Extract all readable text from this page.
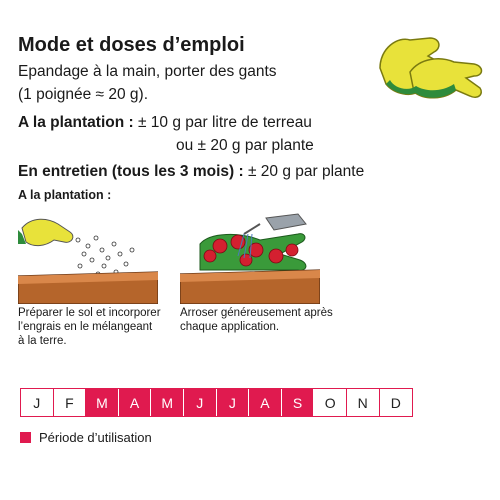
Mode et doses d’emploi
Epandage à la main, porter des gants
(1 poignée ≈ 20 g).
A la plantation : ± 10 g par litre de terreau
ou ± 20 g par plante
En entretien (tous les 3 mois) : ± 20 g par plante
A la plantation :
Préparer le sol et incorporer
l’engrais en le mélangeant
à la terre.
Arroser généreusement après
chaque application.
J	F	M	A	M	J	J	A	S	O	N	D
Période d’utilisation
